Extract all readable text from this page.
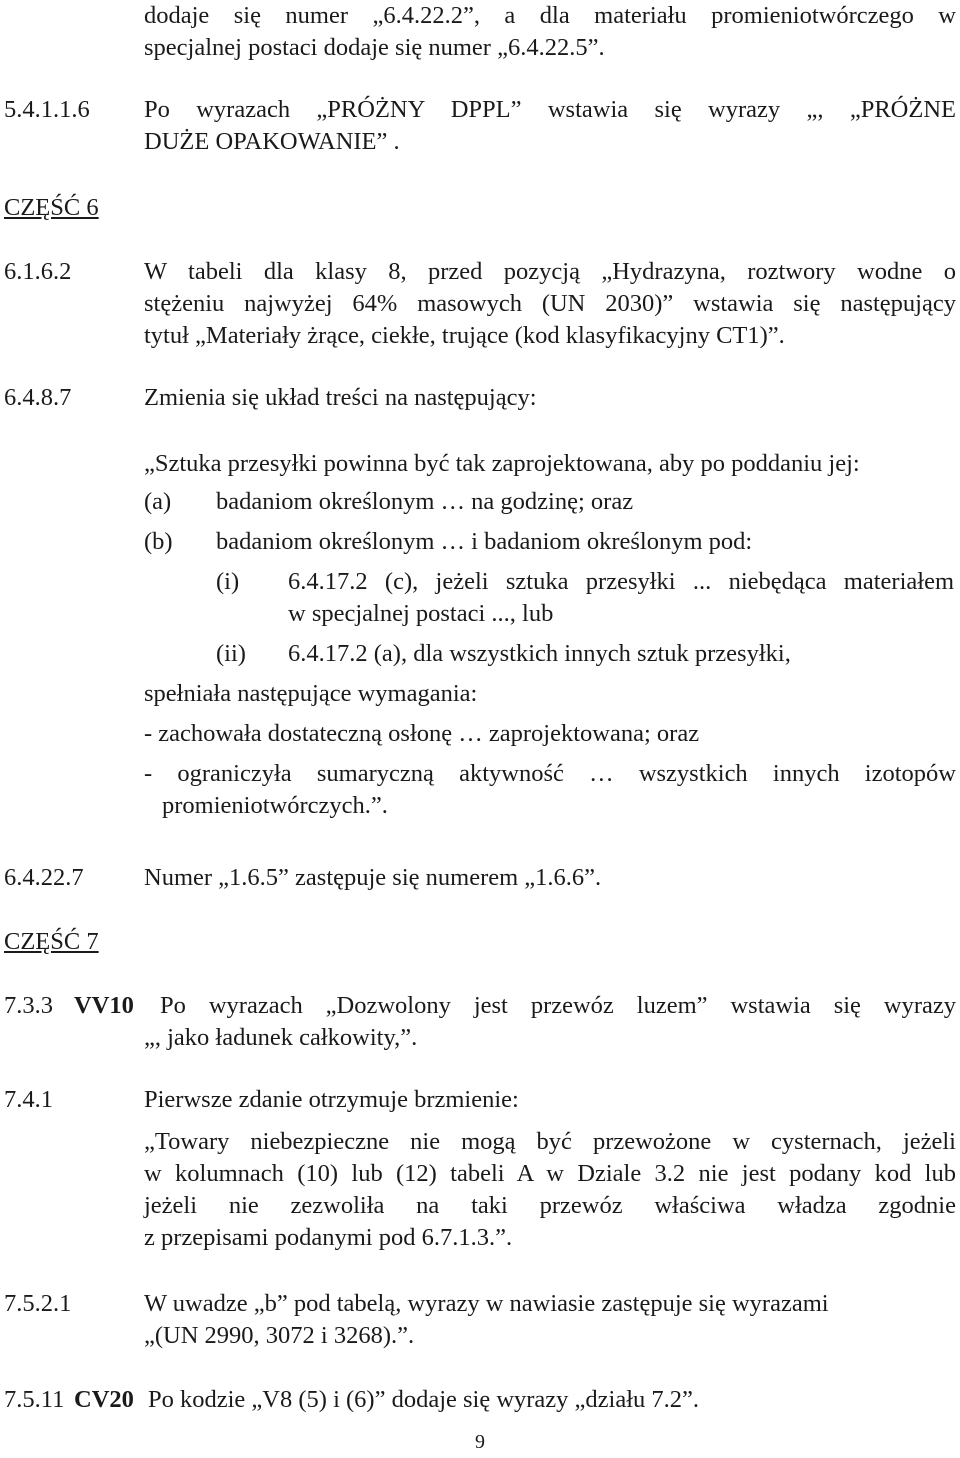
dodaje się numer „6.4.22.2”, a dla materiału promieniotwórczego w

specjalnej postaci dodaje się numer „6.4.22.5”.

5.4.1.1.6 Po wyrazach „PRÓŻNY DPPL” wstawia się wyrazy „, „PRÓŻNE

DUŻE OPAKOWANIE” .

CZĘŚĆ 6
6.1.6.2	W tabeli dla klasy 8, przed pozycją „Hydrazyna, roztwory wodne o

stężeniu najwyżej 64% masowych (UN 2030)” wstawia się następujący

tytuł „Materiały żrące, ciekłe, trujące (kod klasyfikacyjny CT1)”.

6.4.8.7	Zmienia się układ treści na następujący:

„Sztuka przesyłki powinna być tak zaprojektowana, aby po poddaniu jej:

(a) badaniom określonym … na godzinę; oraz

(b) badaniom określonym … i badaniom określonym pod:

(i) 6.4.17.2 (c), jeżeli sztuka przesyłki ... niebędąca materiałem

w specjalnej postaci ..., lub

(ii) 6.4.17.2 (a), dla wszystkich innych sztuk przesyłki,

spełniała następujące wymagania:

- zachowała dostateczną osłonę … zaprojektowana; oraz

- ograniczyła sumaryczną aktywność … wszystkich innych izotopów

promieniotwórczych.”.

6.4.22.7 Numer „1.6.5” zastępuje się numerem „1.6.6”.

CZĘŚĆ 7
7.3.3 VV10 Po wyrazach „Dozwolony jest przewóz luzem” wstawia się wyrazy

„, jako ładunek całkowity,”.

7.4.1	Pierwsze zdanie otrzymuje brzmienie:

„Towary niebezpieczne nie mogą być przewożone w cysternach, jeżeli

w kolumnach (10) lub (12) tabeli A w Dziale 3.2 nie jest podany kod lub

jeżeli nie zezwoliła na taki przewóz właściwa władza zgodnie

z przepisami podanymi pod 6.7.1.3.”.

7.5.2.1	W uwadze „b” pod tabelą, wyrazy w nawiasie zastępuje się wyrazami

„(UN 2990, 3072 i 3268).”.

7.5.11 CV20 Po kodzie „V8 (5) i (6)” dodaje się wyrazy „działu 7.2”.

9
